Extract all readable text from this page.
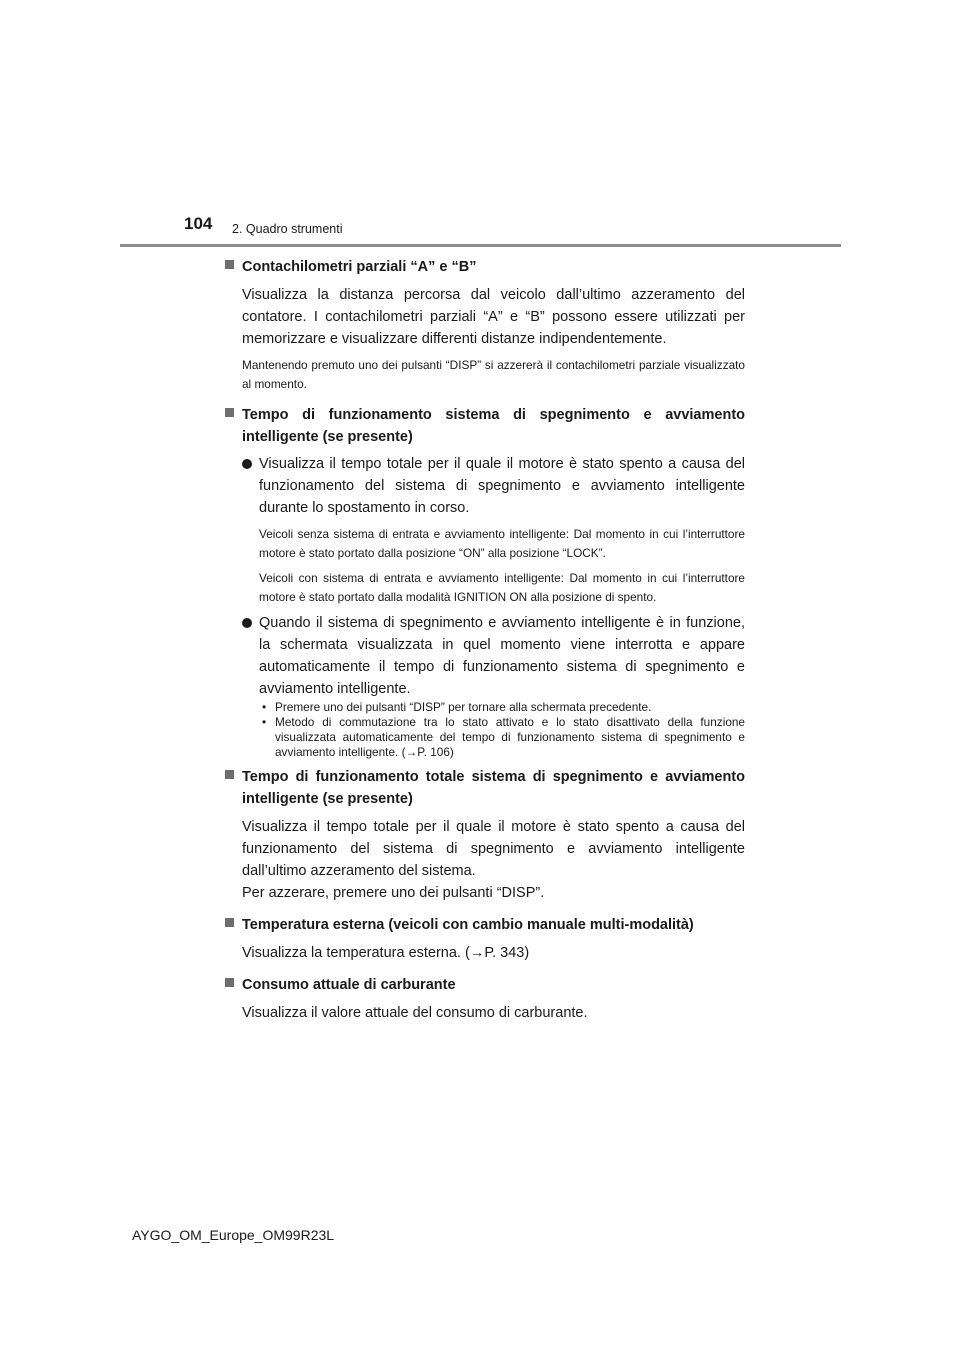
104 2. Quadro strumenti
Contachilometri parziali “A” e “B”
Visualizza la distanza percorsa dal veicolo dall’ultimo azzeramento del contatore. I contachilometri parziali “A” e “B” possono essere utilizzati per memorizzare e visualizzare differenti distanze indipendentemente.
Mantenendo premuto uno dei pulsanti “DISP” si azzererà il contachilometri parziale visualizzato al momento.
Tempo di funzionamento sistema di spegnimento e avviamento intelligente (se presente)
Visualizza il tempo totale per il quale il motore è stato spento a causa del funzionamento del sistema di spegnimento e avviamento intelligente durante lo spostamento in corso.
Veicoli senza sistema di entrata e avviamento intelligente: Dal momento in cui l’interruttore motore è stato portato dalla posizione “ON” alla posizione “LOCK”.
Veicoli con sistema di entrata e avviamento intelligente: Dal momento in cui l’interruttore motore è stato portato dalla modalità IGNITION ON alla posizione di spento.
Quando il sistema di spegnimento e avviamento intelligente è in funzione, la schermata visualizzata in quel momento viene interrotta e appare automaticamente il tempo di funzionamento sistema di spegnimento e avviamento intelligente.
• Premere uno dei pulsanti “DISP” per tornare alla schermata precedente.
• Metodo di commutazione tra lo stato attivato e lo stato disattivato della funzione visualizzata automaticamente del tempo di funzionamento sistema di spegnimento e avviamento intelligente. (→P. 106)
Tempo di funzionamento totale sistema di spegnimento e avviamento intelligente (se presente)
Visualizza il tempo totale per il quale il motore è stato spento a causa del funzionamento del sistema di spegnimento e avviamento intelligente dall’ultimo azzeramento del sistema.
Per azzerare, premere uno dei pulsanti “DISP”.
Temperatura esterna (veicoli con cambio manuale multi-modalità)
Visualizza la temperatura esterna. (→P. 343)
Consumo attuale di carburante
Visualizza il valore attuale del consumo di carburante.
AYGO_OM_Europe_OM99R23L
